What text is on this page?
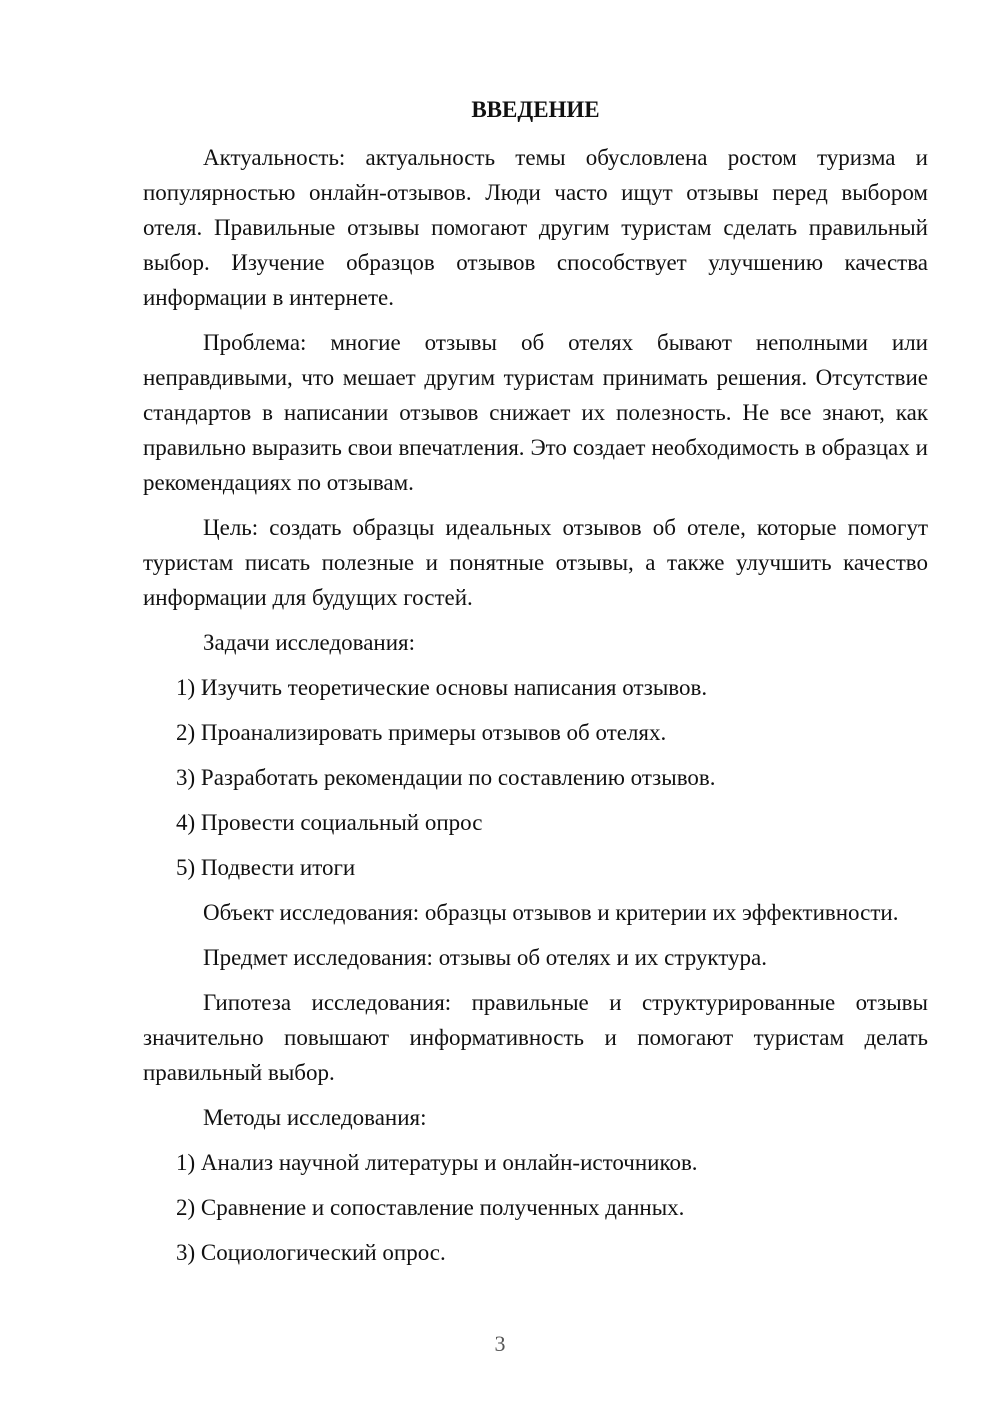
ВВЕДЕНИЕ

Актуальность: актуальность темы обусловлена ростом туризма и популярностью онлайн-отзывов. Люди часто ищут отзывы перед выбором отеля. Правильные отзывы помогают другим туристам сделать правильный выбор. Изучение образцов отзывов способствует улучшению качества информации в интернете.

Проблема: многие отзывы об отелях бывают неполными или неправдивыми, что мешает другим туристам принимать решения. Отсутствие стандартов в написании отзывов снижает их полезность. Не все знают, как правильно выразить свои впечатления. Это создает необходимость в образцах и рекомендациях по отзывам.

Цель: создать образцы идеальных отзывов об отеле, которые помогут туристам писать полезные и понятные отзывы, а также улучшить качество информации для будущих гостей.

Задачи исследования:

1) Изучить теоретические основы написания отзывов.
2) Проанализировать примеры отзывов об отелях.
3) Разработать рекомендации по составлению отзывов.
4) Провести социальный опрос
5) Подвести итоги

Объект исследования: образцы отзывов и критерии их эффективности.

Предмет исследования: отзывы об отелях и их структура.

Гипотеза исследования: правильные и структурированные отзывы значительно повышают информативность и помогают туристам делать правильный выбор.

Методы исследования:

1) Анализ научной литературы и онлайн-источников.
2) Сравнение и сопоставление полученных данных.
3) Социологический опрос.
3
